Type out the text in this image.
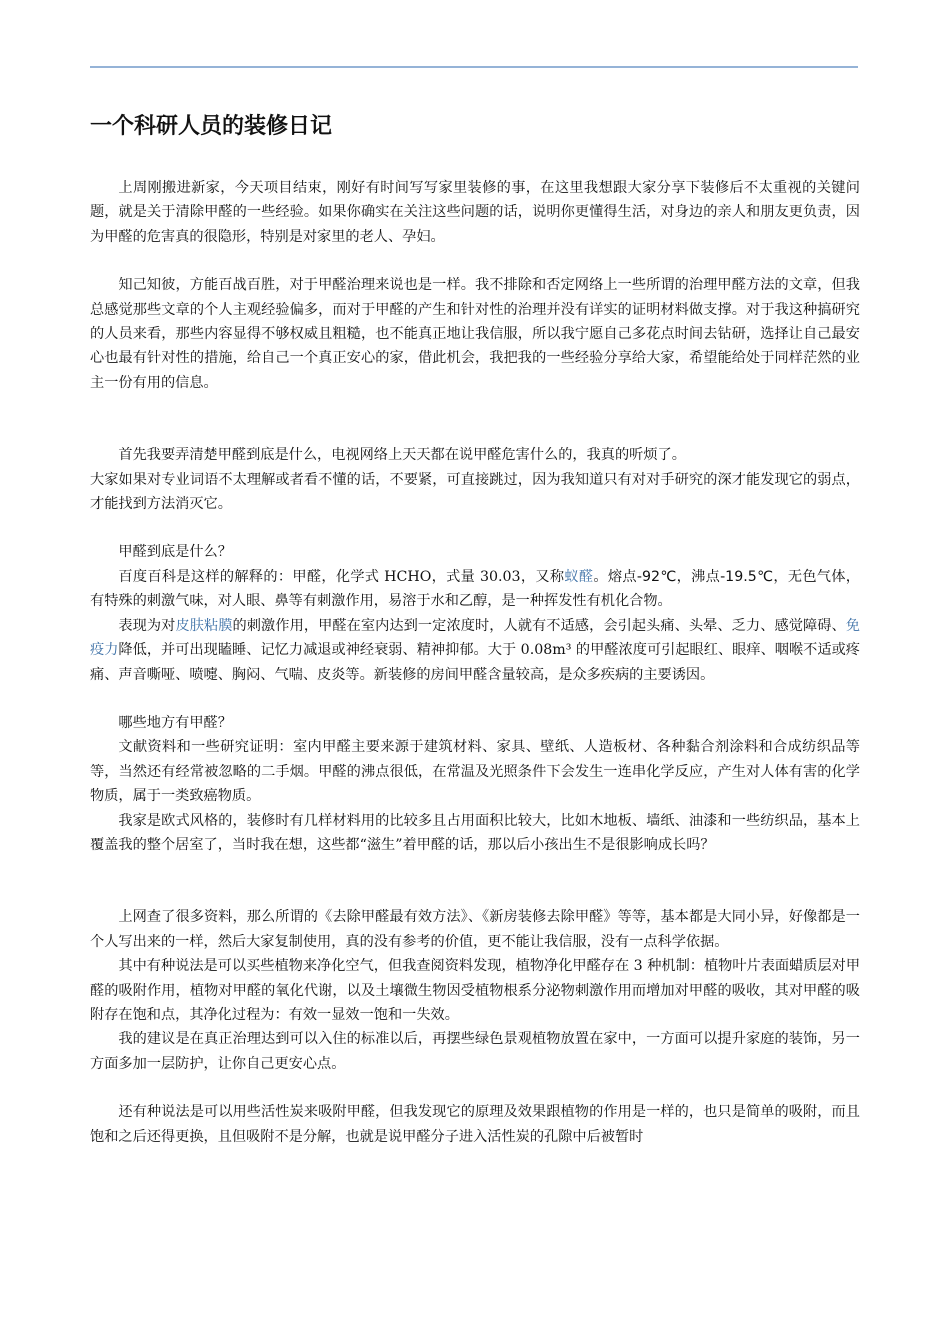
一个科研人员的装修日记

上周刚搬进新家，今天项目结束，刚好有时间写写家里装修的事，在这里我想跟大家分享下装修后不太重视的关键问题，就是关于清除甲醛的一些经验。如果你确实在关注这些问题的话，说明你更懂得生活，对身边的亲人和朋友更负责，因为甲醛的危害真的很隐形，特别是对家里的老人、孕妇。

知己知彼，方能百战百胜，对于甲醛治理来说也是一样。我不排除和否定网络上一些所谓的治理甲醛方法的文章，但我总感觉那些文章的个人主观经验偏多，而对于甲醛的产生和针对性的治理并没有详实的证明材料做支撑。对于我这种搞研究的人员来看，那些内容显得不够权威且粗糙，也不能真正地让我信服，所以我宁愿自己多花点时间去钻研，选择让自己最安心也最有针对性的措施，给自己一个真正安心的家，借此机会，我把我的一些经验分享给大家，希望能给处于同样茫然的业主一份有用的信息。

首先我要弄清楚甲醛到底是什么，电视网络上天天都在说甲醛危害什么的，我真的听烦了。

大家如果对专业词语不太理解或者看不懂的话，不要紧，可直接跳过，因为我知道只有对对手研究的深才能发现它的弱点，才能找到方法消灭它。

甲醛到底是什么？

百度百科是这样的解释的：甲醛，化学式 HCHO，式量 30.03，又称蚁醛。熔点-92℃，沸点-19.5℃，无色气体，有特殊的刺激气味，对人眼、鼻等有刺激作用，易溶于水和乙醇，是一种挥发性有机化合物。

表现为对皮肤粘膜的刺激作用，甲醛在室内达到一定浓度时，人就有不适感，会引起头痛、头晕、乏力、感觉障碍、免疫力降低，并可出现瞌睡、记忆力减退或神经衰弱、精神抑郁。大于 0.08m³ 的甲醛浓度可引起眼红、眼痒、咽喉不适或疼痛、声音嘶哑、喷嚏、胸闷、气喘、皮炎等。新装修的房间甲醛含量较高，是众多疾病的主要诱因。

哪些地方有甲醛？

文献资料和一些研究证明：室内甲醛主要来源于建筑材料、家具、壁纸、人造板材、各种黏合剂涂料和合成纺织品等等，当然还有经常被忽略的二手烟。甲醛的沸点很低，在常温及光照条件下会发生一连串化学反应，产生对人体有害的化学物质，属于一类致癌物质。

我家是欧式风格的，装修时有几样材料用的比较多且占用面积比较大，比如木地板、墙纸、油漆和一些纺织品，基本上覆盖我的整个居室了，当时我在想，这些都“滋生”着甲醛的话，那以后小孩出生不是很影响成长吗？

上网查了很多资料，那么所谓的《去除甲醛最有效方法》、《新房装修去除甲醛》等等，基本都是大同小异，好像都是一个人写出来的一样，然后大家复制使用，真的没有参考的价值，更不能让我信服，没有一点科学依据。

其中有种说法是可以买些植物来净化空气，但我查阅资料发现，植物净化甲醛存在 3 种机制：植物叶片表面蜡质层对甲醛的吸附作用，植物对甲醛的氧化代谢，以及土壤微生物因受植物根系分泌物刺激作用而增加对甲醛的吸收，其对甲醛的吸附存在饱和点，其净化过程为：有效一显效一饱和一失效。

我的建议是在真正治理达到可以入住的标准以后，再摆些绿色景观植物放置在家中，一方面可以提升家庭的装饰，另一方面多加一层防护，让你自己更安心点。

还有种说法是可以用些活性炭来吸附甲醛，但我发现它的原理及效果跟植物的作用是一样的，也只是简单的吸附，而且饱和之后还得更换，且但吸附不是分解，也就是说甲醛分子进入活性炭的孔隙中后被暂时
